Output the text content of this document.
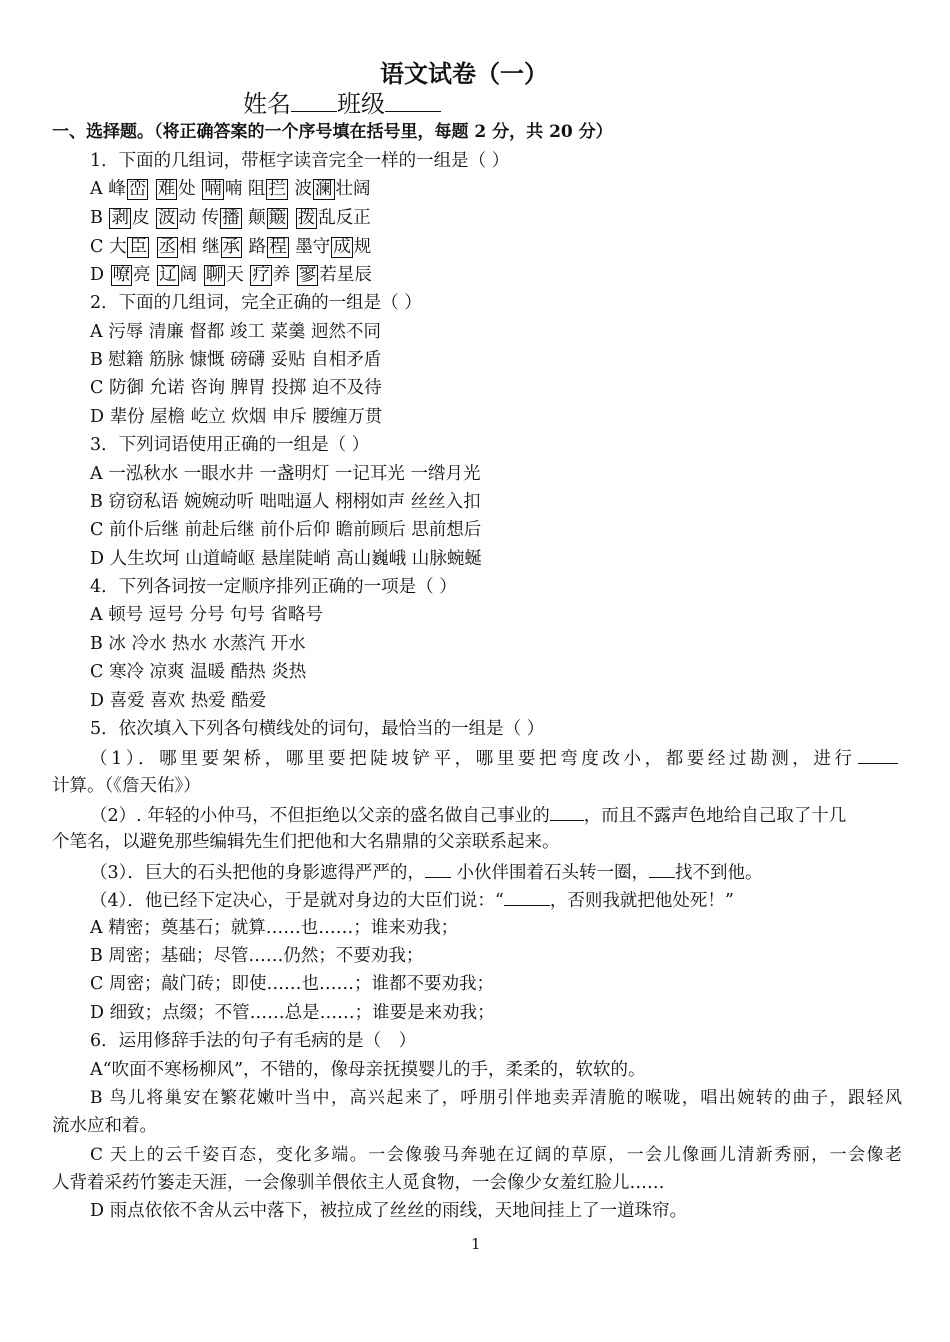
语文试卷（一）
姓名 班级
一、选择题。（将正确答案的一个序号填在括号里，每题 2 分，共 20 分）
1．下面的几组词，带框字读音完全一样的一组是（ ）
A 峰 峦 难 处 喃 喃 阻 拦 波 澜 壮阔
B 剥 皮 波 动 传 播 颠 簸 拨 乱反正
C 大 臣 丞 相 继 承 路 程 墨守 成 规
D 嘹 亮 辽 阔 聊 天 疗 养 寥 若星辰
2．下面的几组词，完全正确的一组是（ ）
A 污辱 清廉 督都 竣工 菜羹 迥然不同
B 慰籍 筋脉 慷慨 磅礴 妥贴 自相矛盾
C 防御 允诺 咨询 脾胃 投掷 迫不及待
D 辈份 屋檐 屹立 炊烟 申斥 腰缠万贯
3．下列词语使用正确的一组是（ ）
A 一泓秋水 一眼水井 一盏明灯 一记耳光 一绺月光
B 窃窃私语 婉婉动听 咄咄逼人 栩栩如声 丝丝入扣
C 前仆后继 前赴后继 前仆后仰 瞻前顾后 思前想后
D 人生坎坷 山道崎岖 悬崖陡峭 高山巍峨 山脉蜿蜒
4．下列各词按一定顺序排列正确的一项是（ ）
A 顿号 逗号 分号 句号 省略号
B 冰 冷水 热水 水蒸汽 开水
C 寒冷 凉爽 温暖 酷热 炎热
D 喜爱 喜欢 热爱 酷爱
5．依次填入下列各句横线处的词句，最恰当的一组是（ ）
（1）．哪里要架桥，哪里要把陡坡铲平，哪里要把弯度改小，都要经过勘测，进行
计算。（《詹天佑》）
（2）. 年轻的小仲马，不但拒绝以父亲的盛名做自己事业的 ，而且不露声色地给自己取了十几
个笔名，以避免那些编辑先生们把他和大名鼎鼎的父亲联系起来。
（3）．巨大的石头把他的身影遮得严严的， 小伙伴围着石头转一圈， 找不到他。
（4）．他已经下定决心，于是就对身边的大臣们说：“	，否则我就把他处死！”
A 精密；奠基石；就算……也……；谁来劝我；
B 周密；基础；尽管……仍然；不要劝我；
C 周密；敲门砖；即使……也……；谁都不要劝我；
D 细致；点缀；不管……总是……；谁要是来劝我；
6．运用修辞手法的句子有毛病的是（　）
A“吹面不寒杨柳风”，不错的，像母亲抚摸婴儿的手，柔柔的，软软的。
B 鸟儿将巢安在繁花嫩叶当中，高兴起来了，呼朋引伴地卖弄清脆的喉咙，唱出婉转的曲子，跟轻风
流水应和着。
C 天上的云千姿百态，变化多端。一会像骏马奔驰在辽阔的草原，一会儿像画儿清新秀丽，一会像老
人背着采药竹篓走天涯，一会像驯羊偎依主人觅食物，一会像少女羞红脸儿……
D 雨点依依不舍从云中落下，被拉成了丝丝的雨线，天地间挂上了一道珠帘。
1
